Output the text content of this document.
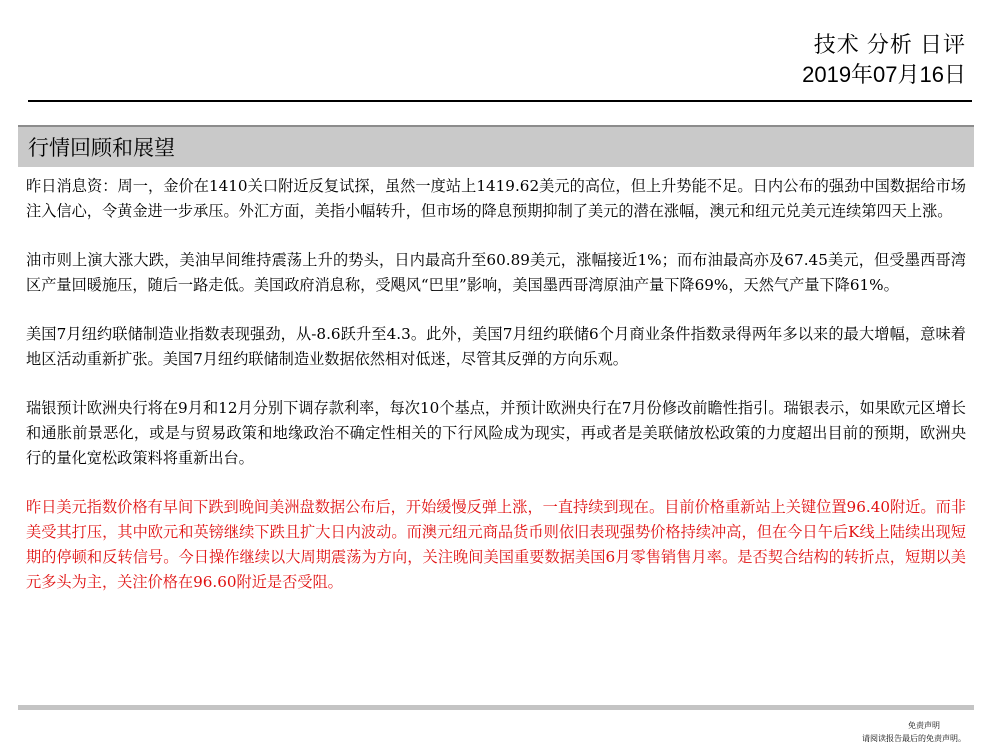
技术 分析 日评
2019年07月16日
行情回顾和展望

昨日消息资：周一，金价在1410关口附近反复试探，虽然一度站上1419.62美元的高位，但上升势能不足。日内公布的强劲中国数据给市场注入信心，令黄金进一步承压。外汇方面，美指小幅转升，但市场的降息预期抑制了美元的潜在涨幅，澳元和纽元兑美元连续第四天上涨。

油市则上演大涨大跌，美油早间维持震荡上升的势头，日内最高升至60.89美元，涨幅接近1%；而布油最高亦及67.45美元，但受墨西哥湾区产量回暖施压，随后一路走低。美国政府消息称，受飓风“巴里”影响，美国墨西哥湾原油产量下降69%，天然气产量下降61%。

美国7月纽约联储制造业指数表现强劲，从-8.6跃升至4.3。此外，美国7月纽约联储6个月商业条件指数录得两年多以来的最大增幅，意味着地区活动重新扩张。美国7月纽约联储制造业数据依然相对低迷，尽管其反弹的方向乐观。

瑞银预计欧洲央行将在9月和12月分别下调存款利率，每次10个基点，并预计欧洲央行在7月份修改前瞻性指引。瑞银表示，如果欧元区增长和通胀前景恶化，或是与贸易政策和地缘政治不确定性相关的下行风险成为现实，再或者是美联储放松政策的力度超出目前的预期，欧洲央行的量化宽松政策料将重新出台。

昨日美元指数价格有早间下跌到晚间美洲盘数据公布后，开始缓慢反弹上涨，一直持续到现在。目前价格重新站上关键位置96.40附近。而非美受其打压，其中欧元和英镑继续下跌且扩大日内波动。而澳元纽元商品货币则依旧表现强势价格持续冲高，但在今日午后K线上陆续出现短期的停顿和反转信号。今日操作继续以大周期震荡为方向，关注晚间美国重要数据美国6月零售销售月率。是否契合结构的转折点，短期以美元多头为主，关注价格在96.60附近是否受阻。

免责声明
请阅读报告最后的免责声明。
